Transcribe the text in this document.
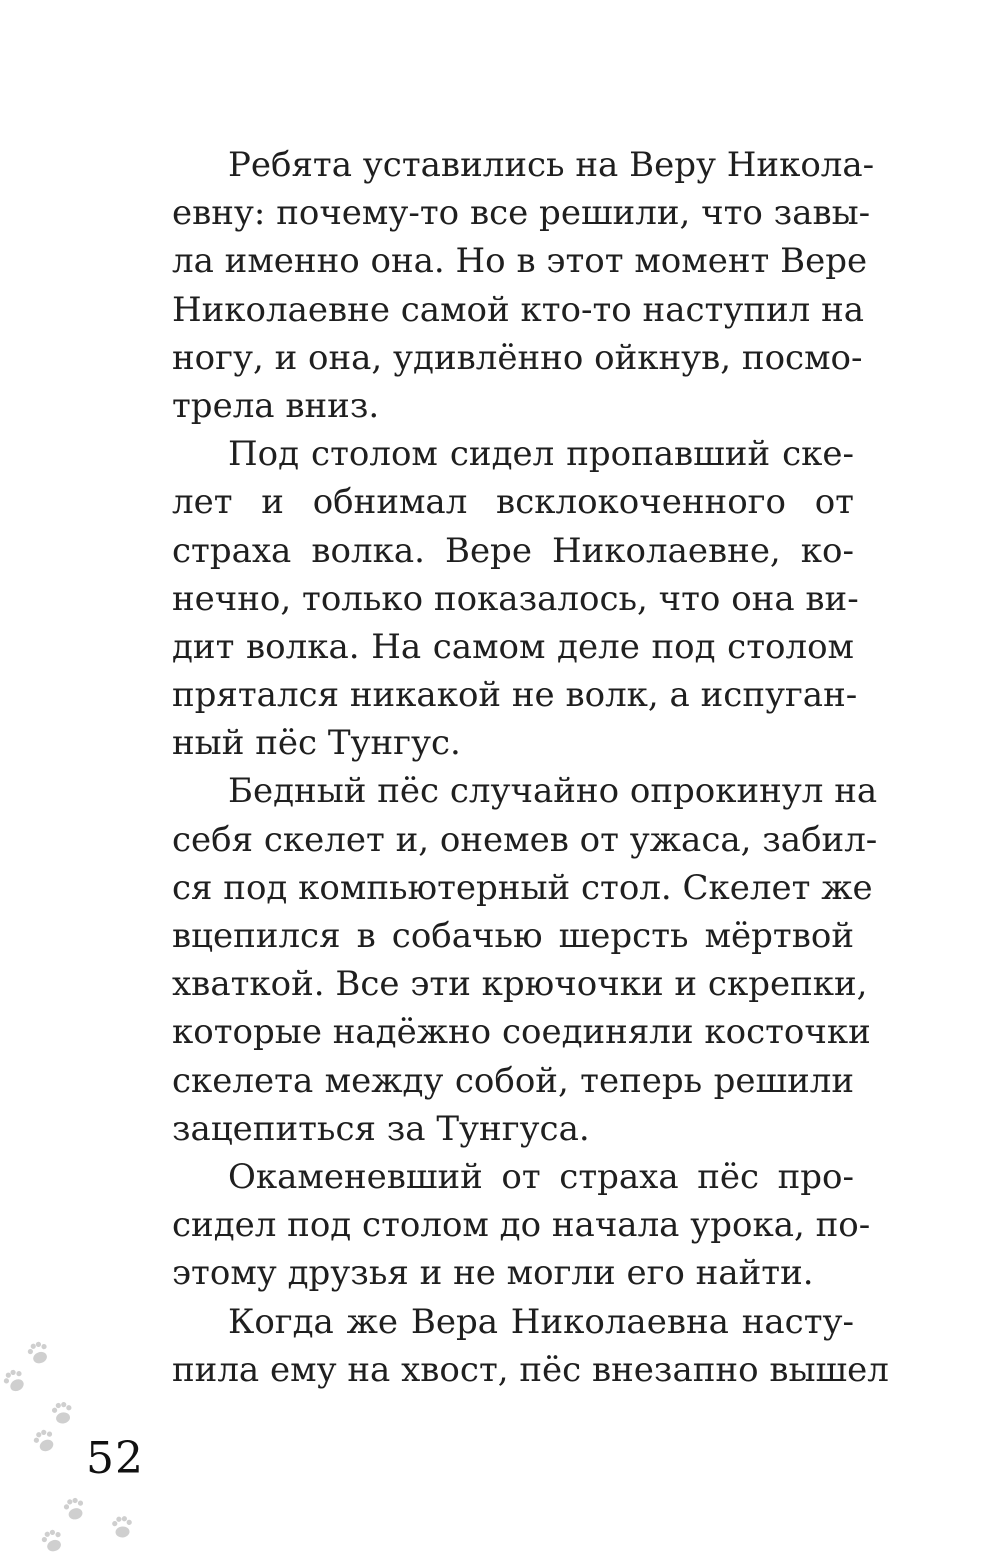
Ребята уставились на Веру Никола-
евну: почему-то все решили, что завы-
ла именно она. Но в этот момент Вере
Николаевне самой кто-то наступил на
ногу, и она, удивлённо ойкнув, посмо-
трела вниз.
Под столом сидел пропавший ске-
лет и обнимал всклокоченного от
страха волка. Вере Николаевне, ко-
нечно, только показалось, что она ви-
дит волка. На самом деле под столом
прятался никакой не волк, а испуган-
ный пёс Тунгус.
Бедный пёс случайно опрокинул на
себя скелет и, онемев от ужаса, забил-
ся под компьютерный стол. Скелет же
вцепился в собачью шерсть мёртвой
хваткой. Все эти крючочки и скрепки,
которые надёжно соединяли косточки
скелета между собой, теперь решили
зацепиться за Тунгуса.
Окаменевший от страха пёс про-
сидел под столом до начала урока, по-
этому друзья и не могли его найти.
Когда же Вера Николаевна насту-
пила ему на хвост, пёс внезапно вышел
52
